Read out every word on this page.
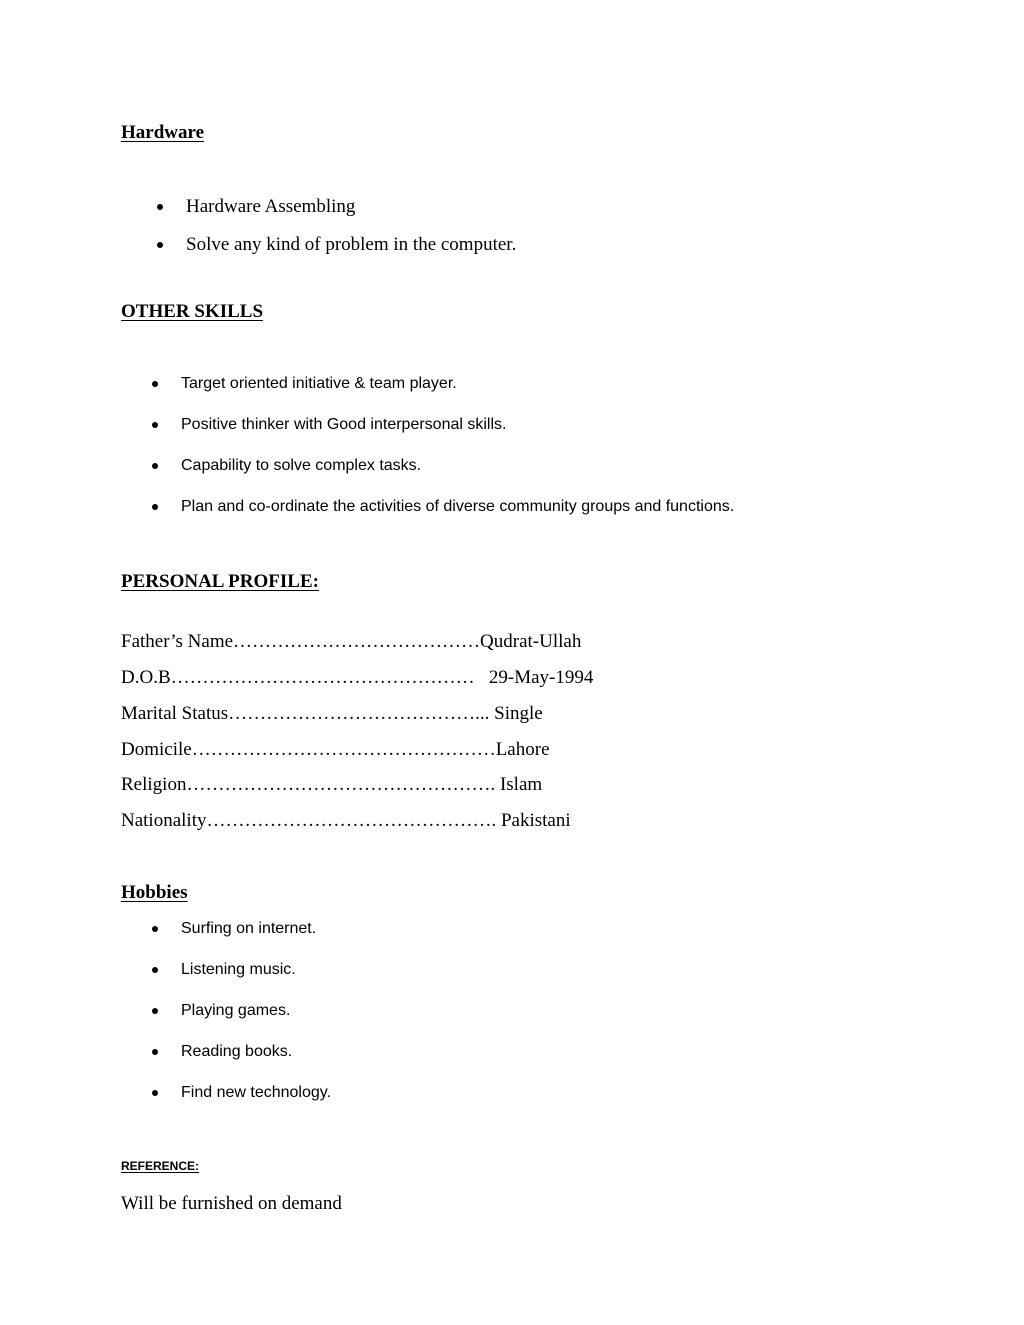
Hardware
Hardware Assembling
Solve any kind of problem in the computer.
OTHER SKILLS
Target oriented initiative & team player.
Positive thinker with Good interpersonal skills.
Capability to solve complex tasks.
Plan and co-ordinate the activities of diverse community groups and functions.
PERSONAL PROFILE:
Father’s Name…………………………………Qudrat-Ullah
D.O.B…………………………………………   29-May-1994
Marital Status…………………………………... Single
Domicile…………………………………………Lahore
Religion…………………………………………. Islam
Nationality………………………………………. Pakistani
Hobbies
Surfing on internet.
Listening music.
Playing games.
Reading books.
Find new technology.
REFERENCE:
Will be furnished on demand
